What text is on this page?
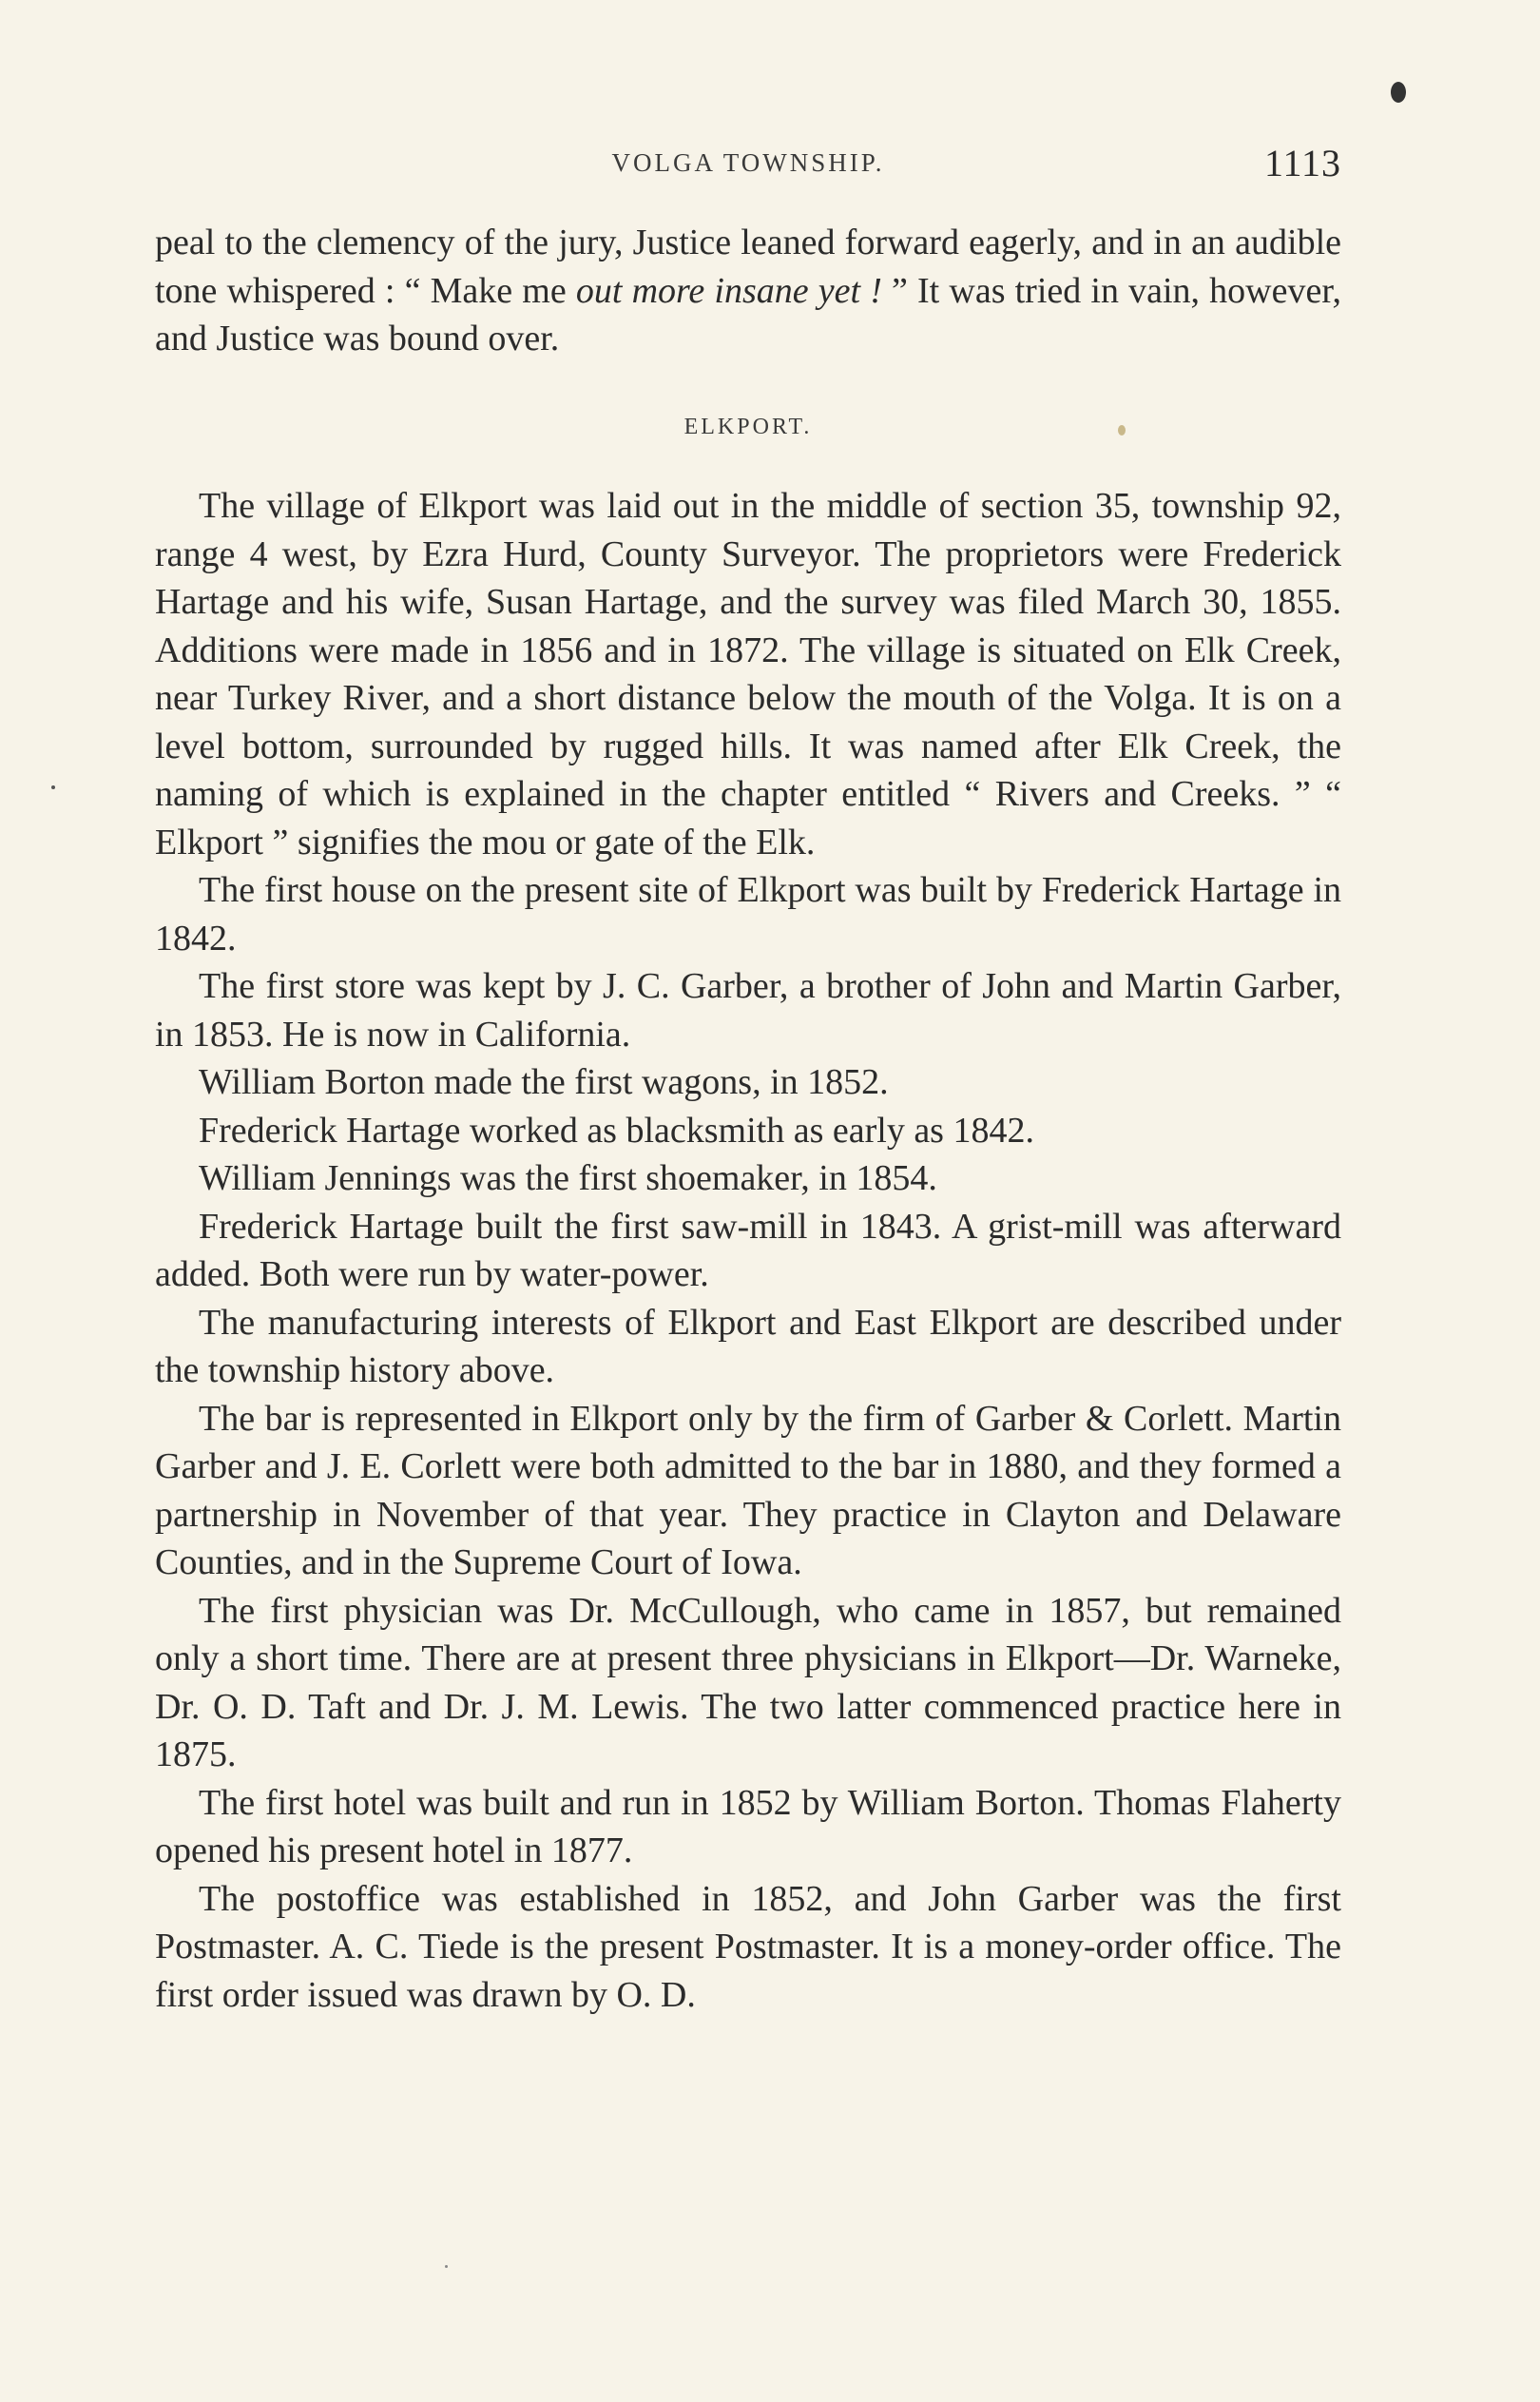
VOLGA TOWNSHIP.	1113

peal to the clemency of the jury, Justice leaned forward eagerly, and in an audible tone whispered : “ Make me out more insane yet ! ” It was tried in vain, however, and Justice was bound over.

ELKPORT.

The village of Elkport was laid out in the middle of section 35, township 92, range 4 west, by Ezra Hurd, County Surveyor. The proprietors were Frederick Hartage and his wife, Susan Hartage, and the survey was filed March 30, 1855. Additions were made in 1856 and in 1872. The village is situated on Elk Creek, near Turkey River, and a short distance below the mouth of the Volga. It is on a level bottom, surrounded by rugged hills. It was named after Elk Creek, the naming of which is explained in the chapter entitled “ Rivers and Creeks. ” “ Elkport ” signifies the mou or gate of the Elk.

The first house on the present site of Elkport was built by Frederick Hartage in 1842.

The first store was kept by J. C. Garber, a brother of John and Martin Garber, in 1853. He is now in California.

William Borton made the first wagons, in 1852.

Frederick Hartage worked as blacksmith as early as 1842.

William Jennings was the first shoemaker, in 1854.

Frederick Hartage built the first saw-mill in 1843. A grist-mill was afterward added. Both were run by water-power.

The manufacturing interests of Elkport and East Elkport are described under the township history above.

The bar is represented in Elkport only by the firm of Garber & Corlett. Martin Garber and J. E. Corlett were both admitted to the bar in 1880, and they formed a partnership in November of that year. They practice in Clayton and Delaware Counties, and in the Supreme Court of Iowa.

The first physician was Dr. McCullough, who came in 1857, but remained only a short time. There are at present three physicians in Elkport—Dr. Warneke, Dr. O. D. Taft and Dr. J. M. Lewis. The two latter commenced practice here in 1875.

The first hotel was built and run in 1852 by William Borton. Thomas Flaherty opened his present hotel in 1877.

The postoffice was established in 1852, and John Garber was the first Postmaster. A. C. Tiede is the present Postmaster. It is a money-order office. The first order issued was drawn by O. D.
